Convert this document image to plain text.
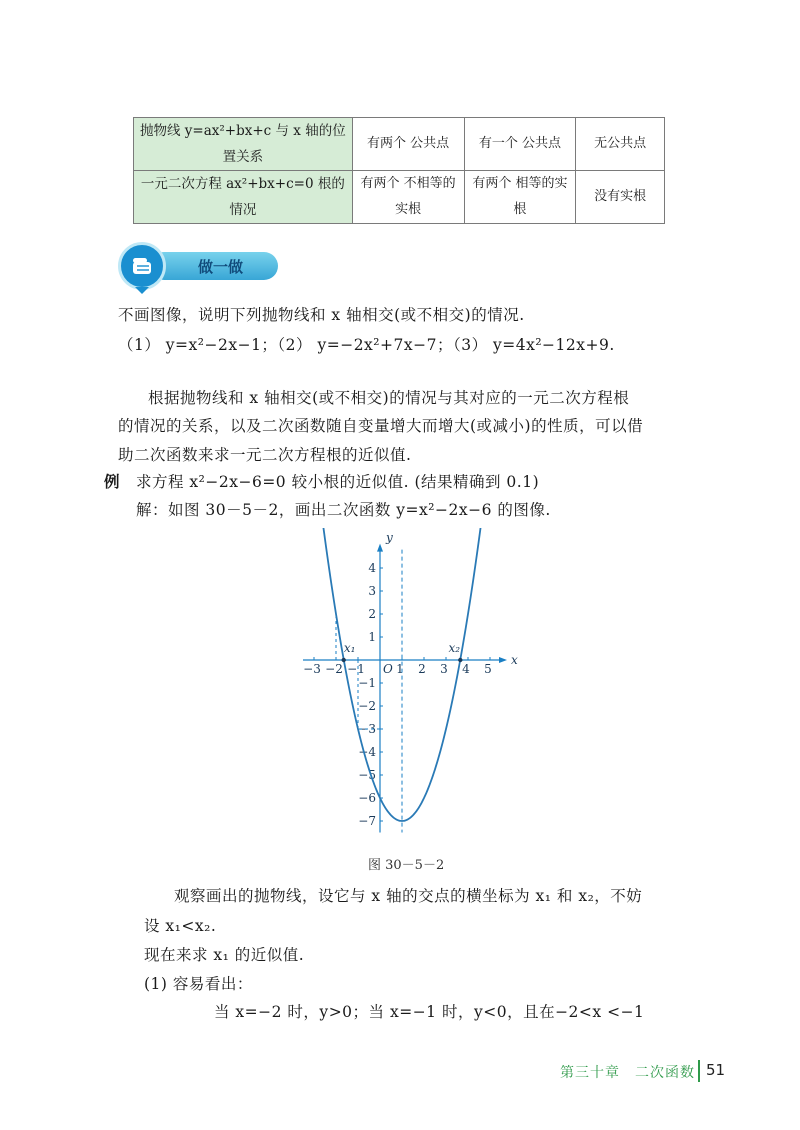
抛物线 y=ax²+bx+c 与 x 轴的位置关系	有两个 公共点	有一个 公共点	无公共点
一元二次方程 ax²+bx+c=0 根的情况	有两个 不相等的实根	有两个 相等的实根	没有实根
做一做
不画图像，说明下列抛物线和 x 轴相交(或不相交)的情况.
（1） y=x²−2x−1；（2） y=−2x²+7x−7；（3） y=4x²−12x+9.
根据抛物线和 x 轴相交(或不相交)的情况与其对应的一元二次方程根
的情况的关系，以及二次函数随自变量增大而增大(或减小)的性质，可以借
助二次函数来求一元二次方程根的近似值.
例 求方程 x²−2x−6=0 较小根的近似值. (结果精确到 0.1)
解：如图 30－5－2，画出二次函数 y=x²−2x−6 的图像.
x
y
−3 −2 −1	1 2 3 4 5
4
3
2
1
−1
−2
−3
−4
−5
−6
−7
O
x₁	x₂
图 30－5－2
观察画出的抛物线，设它与 x 轴的交点的横坐标为 x₁ 和 x₂，不妨
设 x₁<x₂.
现在来求 x₁ 的近似值.
(1) 容易看出：
当 x=−2 时，y>0；当 x=−1 时，y<0，且在−2<x <−1
第三十章　二次函数 51
